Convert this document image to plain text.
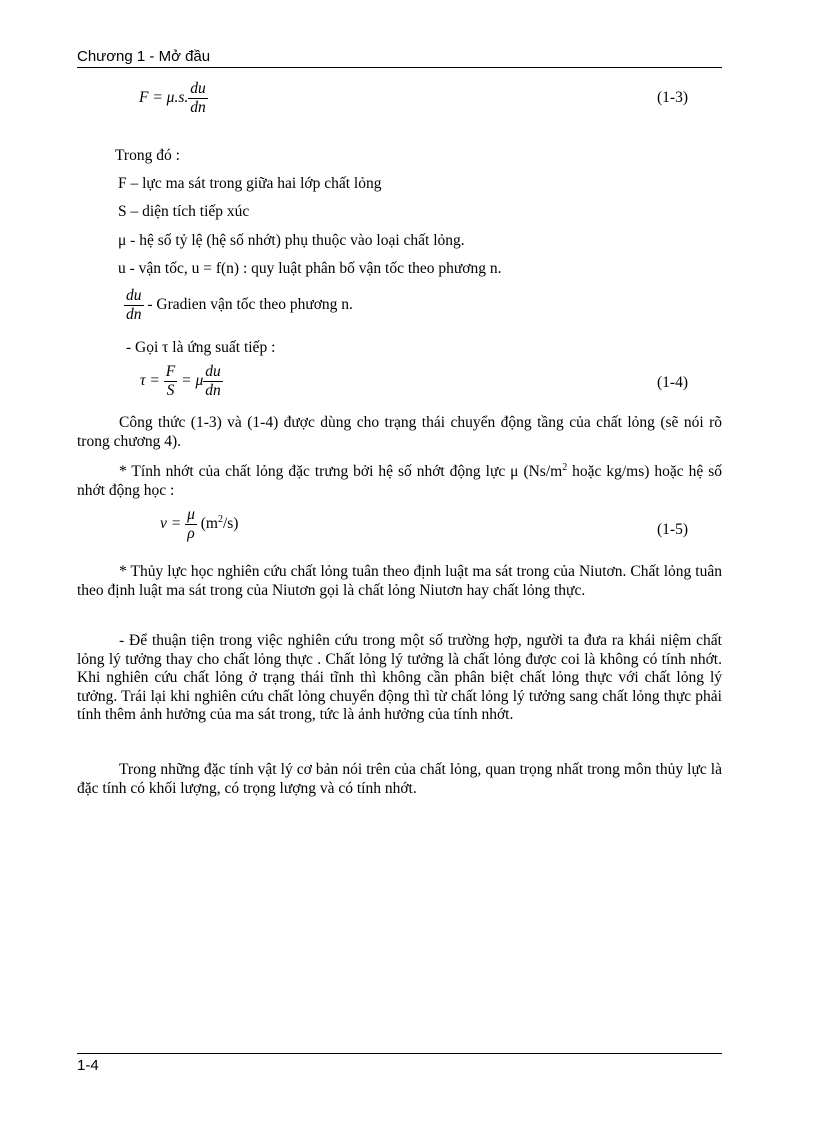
Chương 1 - Mở đầu
F = μ.s. $\frac{du}{dn}$	(1-3)
Trong đó :
F – lực ma sát trong giữa hai lớp chất lỏng
S – diện tích tiếp xúc
μ - hệ số tỷ lệ (hệ số nhớt) phụ thuộc vào loại chất lỏng.
u - vận tốc, u = f(n) : quy luật phân bố vận tốc theo phương n.
$\frac{du}{dn}$ - Gradien vận tốc theo phương n.
- Gọi τ là ứng suất tiếp :
$\tau = \frac{F}{S} = \mu \frac{du}{dn}$	(1-4)
Công thức (1-3) và (1-4) được dùng cho trạng thái chuyển động tầng của chất lỏng (sẽ nói rõ trong chương 4).
* Tính nhớt của chất lỏng đặc trưng bởi hệ số nhớt động lực μ ($Ns/m^2$ hoặc kg/ms) hoặc hệ số nhớt động học :
$\nu = \frac{\mu}{\rho} (m^2/s)$	(1-5)
* Thủy lực học nghiên cứu chất lỏng tuân theo định luật ma sát trong của Niutơn. Chất lỏng tuân theo định luật ma sát trong của Niutơn gọi là chất lỏng Niutơn hay chất lỏng thực.
- Để thuận tiện trong việc nghiên cứu trong một số trường hợp, người ta đưa ra khái niệm chất lỏng lý tưởng thay cho chất lỏng thực . Chất lỏng lý tưởng là chất lỏng được coi là không có tính nhớt. Khi nghiên cứu chất lỏng ở trạng thái tĩnh thì không cần phân biệt chất lỏng thực với chất lỏng lý tưởng. Trái lại khi nghiên cứu chất lỏng chuyển động thì từ chất lỏng lý tưởng sang chất lỏng thực phải tính thêm ảnh hưởng của ma sát trong, tức là ảnh hưởng của tính nhớt.
Trong những đặc tính vật lý cơ bản nói trên của chất lỏng, quan trọng nhất trong môn thủy lực là đặc tính có khối lượng, có trọng lượng và có tính nhớt.
1-4
